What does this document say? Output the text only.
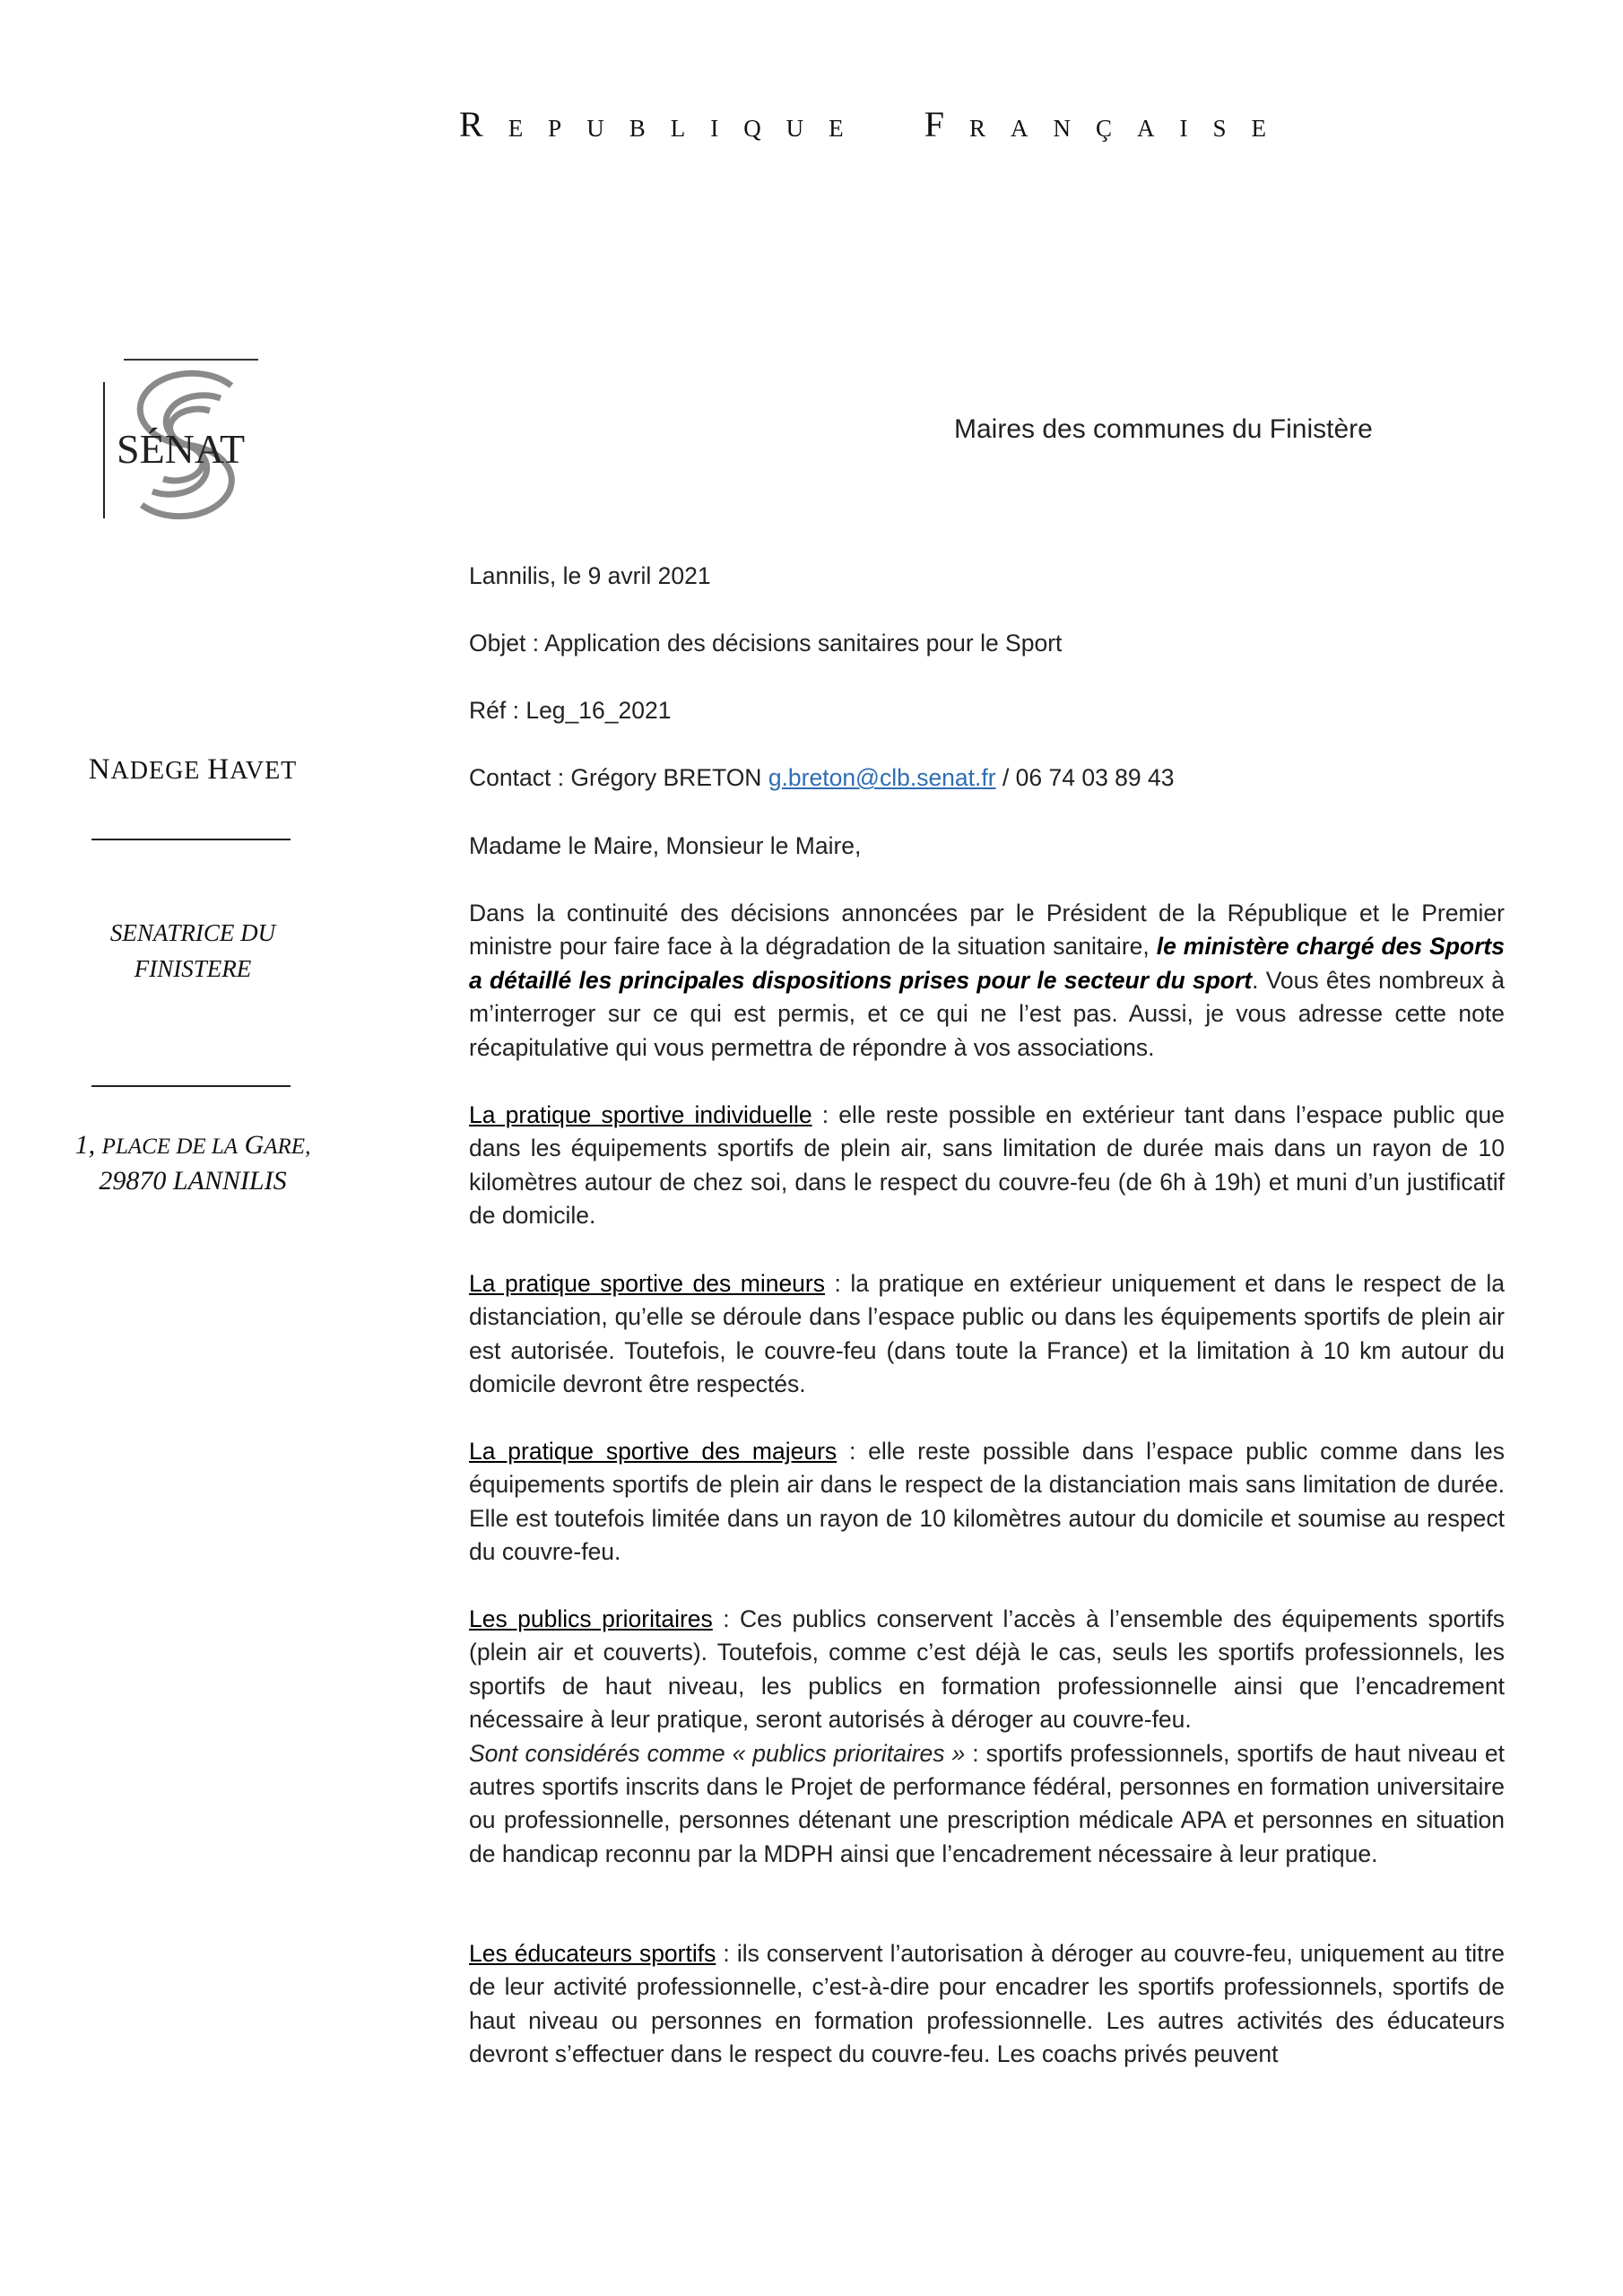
REPUBLIQUE FRANÇAISE
SÉNAT	Maires des communes du Finistère
NADEGE HAVET
SENATRICE DU
FINISTERE
1, PLACE DE LA GARE,
29870 LANNILIS
Lannilis, le 9 avril 2021
Objet : Application des décisions sanitaires pour le Sport
Réf : Leg_16_2021
Contact : Grégory BRETON g.breton@clb.senat.fr / 06 74 03 89 43
Madame le Maire, Monsieur le Maire,

Dans la continuité des décisions annoncées par le Président de la République et le Premier ministre pour faire face à la dégradation de la situation sanitaire, le ministère chargé des Sports a détaillé les principales dispositions prises pour le secteur du sport. Vous êtes nombreux à m’interroger sur ce qui est permis, et ce qui ne l’est pas. Aussi, je vous adresse cette note récapitulative qui vous permettra de répondre à vos associations.

La pratique sportive individuelle : elle reste possible en extérieur tant dans l’espace public que dans les équipements sportifs de plein air, sans limitation de durée mais dans un rayon de 10 kilomètres autour de chez soi, dans le respect du couvre-feu (de 6h à 19h) et muni d’un justificatif de domicile.

La pratique sportive des mineurs : la pratique en extérieur uniquement et dans le respect de la distanciation, qu’elle se déroule dans l’espace public ou dans les équipements sportifs de plein air est autorisée. Toutefois, le couvre-feu (dans toute la France) et la limitation à 10 km autour du domicile devront être respectés.

La pratique sportive des majeurs : elle reste possible dans l’espace public comme dans les équipements sportifs de plein air dans le respect de la distanciation mais sans limitation de durée. Elle est toutefois limitée dans un rayon de 10 kilomètres autour du domicile et soumise au respect du couvre-feu.

Les publics prioritaires : Ces publics conservent l’accès à l’ensemble des équipements sportifs (plein air et couverts). Toutefois, comme c’est déjà le cas, seuls les sportifs professionnels, les sportifs de haut niveau, les publics en formation professionnelle ainsi que l’encadrement nécessaire à leur pratique, seront autorisés à déroger au couvre-feu.

Sont considérés comme « publics prioritaires » : sportifs professionnels, sportifs de haut niveau et autres sportifs inscrits dans le Projet de performance fédéral, personnes en formation universitaire ou professionnelle, personnes détenant une prescription médicale APA et personnes en situation de handicap reconnu par la MDPH ainsi que l’encadrement nécessaire à leur pratique.

Les éducateurs sportifs : ils conservent l’autorisation à déroger au couvre-feu, uniquement au titre de leur activité professionnelle, c’est-à-dire pour encadrer les sportifs professionnels, sportifs de haut niveau ou personnes en formation professionnelle. Les autres activités des éducateurs devront s’effectuer dans le respect du couvre-feu. Les coachs privés peuvent
